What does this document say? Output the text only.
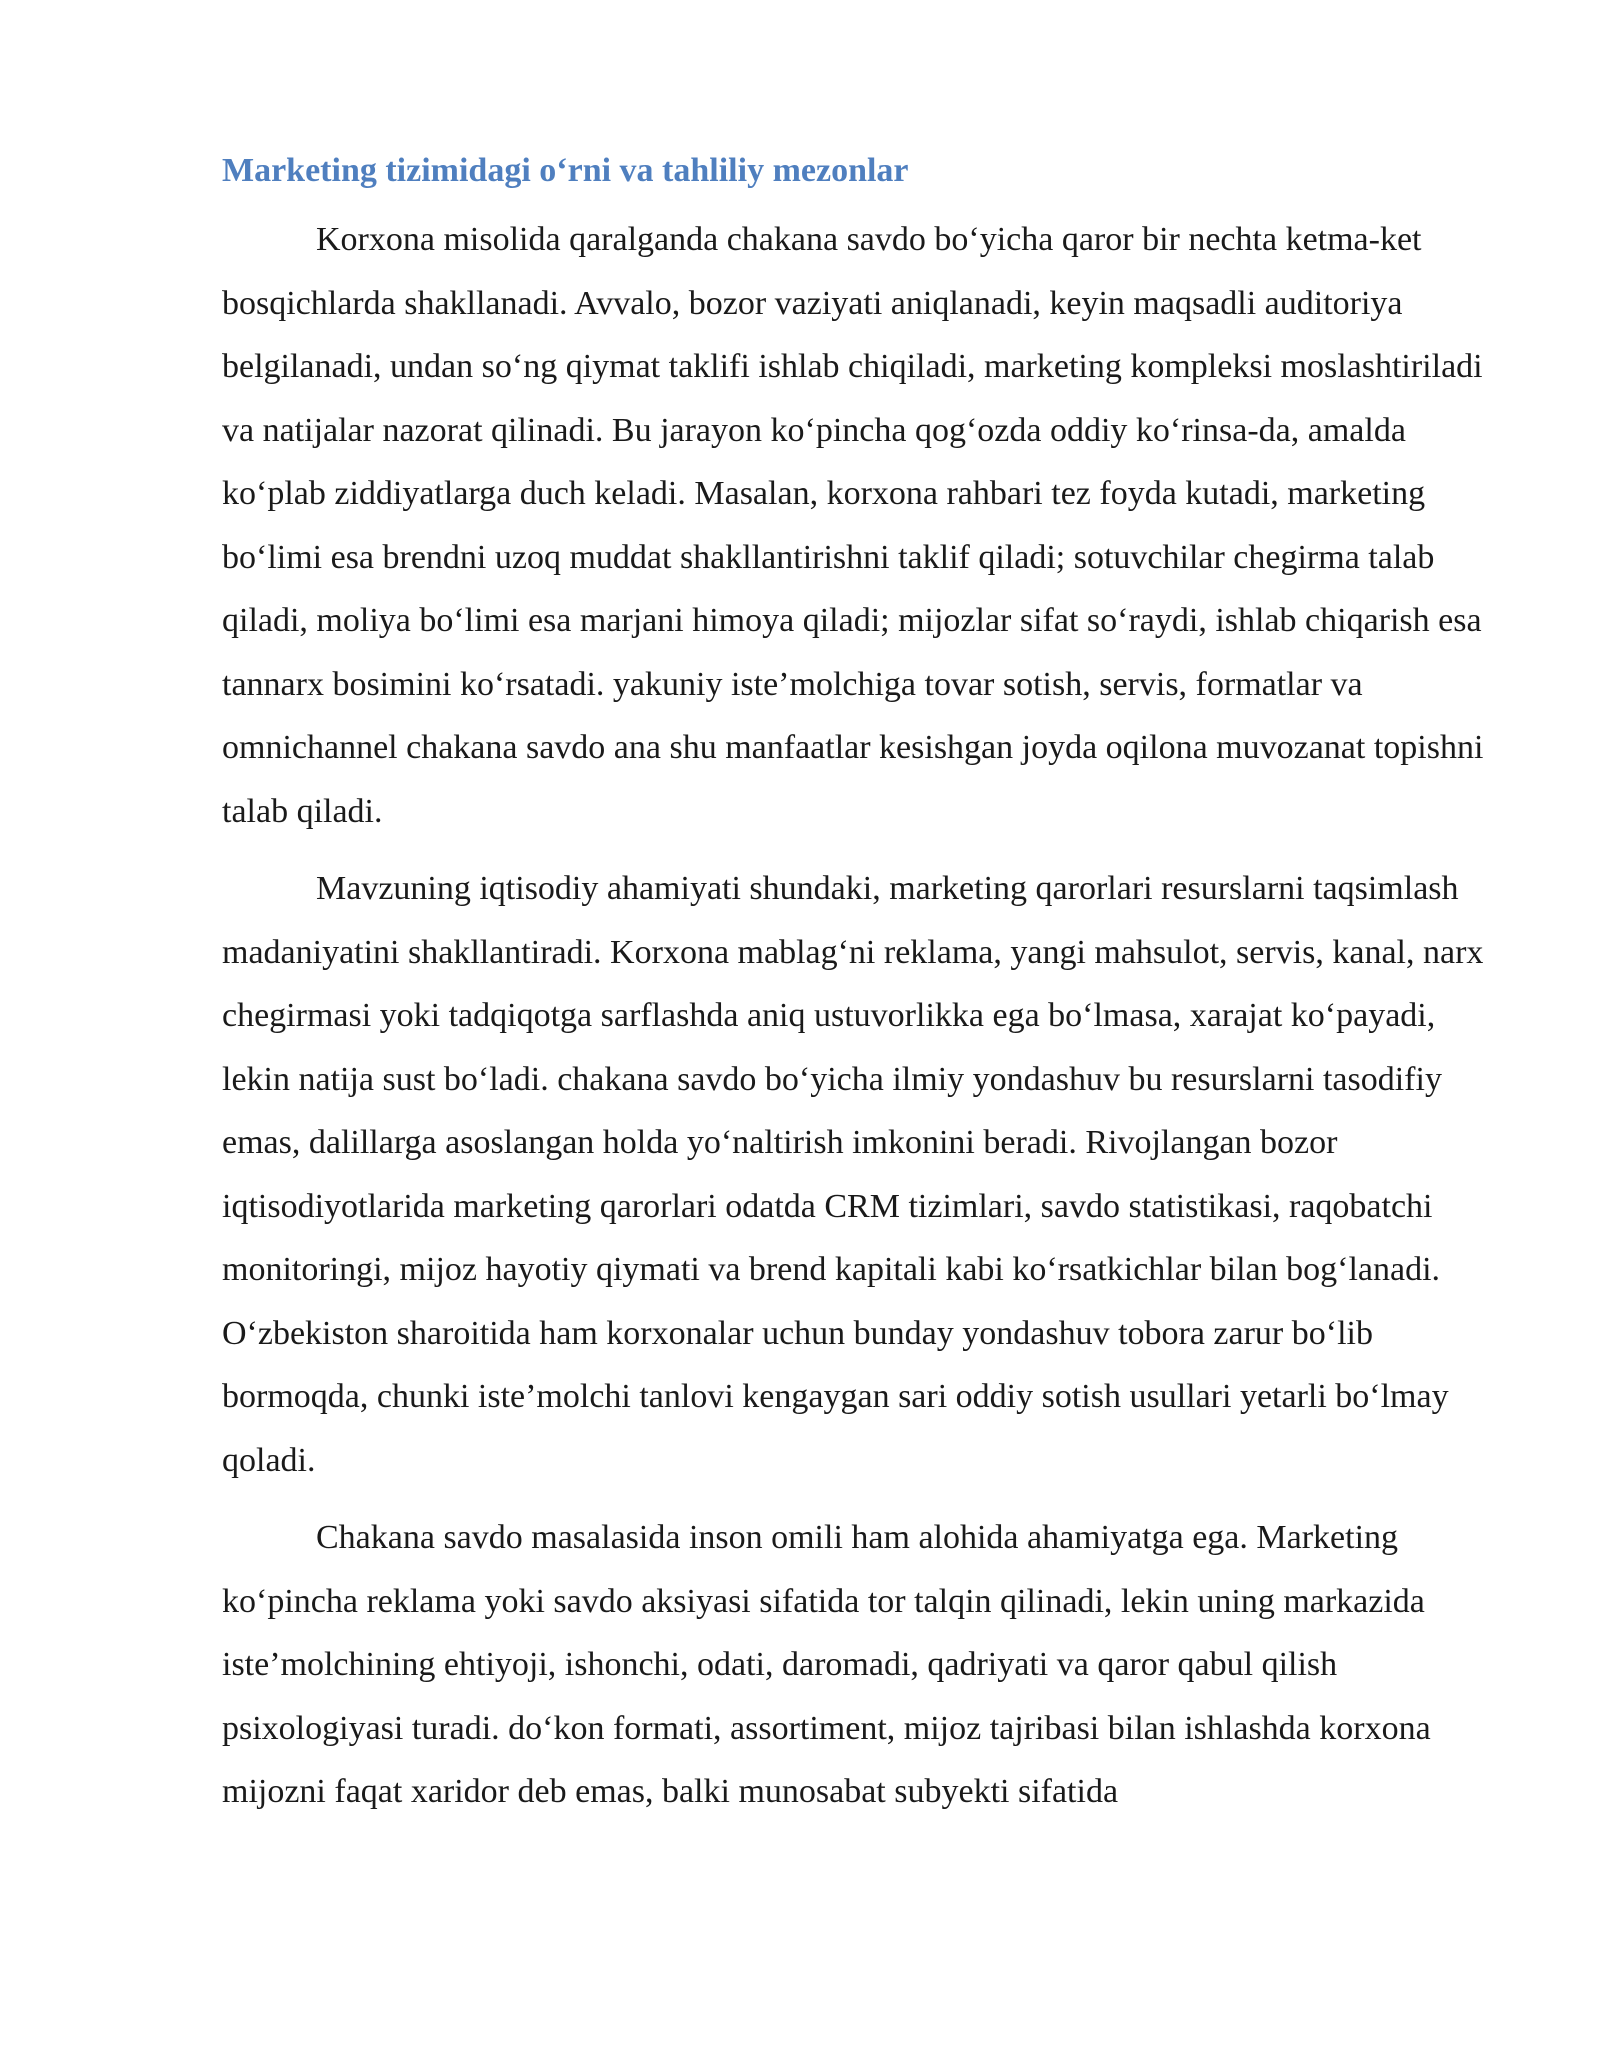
Marketing tizimidagi o‘rni va tahliliy mezonlar

Korxona misolida qaralganda chakana savdo bo‘yicha qaror bir nechta ketma-ket bosqichlarda shakllanadi. Avvalo, bozor vaziyati aniqlanadi, keyin maqsadli auditoriya belgilanadi, undan so‘ng qiymat taklifi ishlab chiqiladi, marketing kompleksi moslashtiriladi va natijalar nazorat qilinadi. Bu jarayon ko‘pincha qog‘ozda oddiy ko‘rinsa-da, amalda ko‘plab ziddiyatlarga duch keladi. Masalan, korxona rahbari tez foyda kutadi, marketing bo‘limi esa brendni uzoq muddat shakllantirishni taklif qiladi; sotuvchilar chegirma talab qiladi, moliya bo‘limi esa marjani himoya qiladi; mijozlar sifat so‘raydi, ishlab chiqarish esa tannarx bosimini ko‘rsatadi. yakuniy iste’molchiga tovar sotish, servis, formatlar va omnichannel chakana savdo ana shu manfaatlar kesishgan joyda oqilona muvozanat topishni talab qiladi.

Mavzuning iqtisodiy ahamiyati shundaki, marketing qarorlari resurslarni taqsimlash madaniyatini shakllantiradi. Korxona mablag‘ni reklama, yangi mahsulot, servis, kanal, narx chegirmasi yoki tadqiqotga sarflashda aniq ustuvorlikka ega bo‘lmasa, xarajat ko‘payadi, lekin natija sust bo‘ladi. chakana savdo bo‘yicha ilmiy yondashuv bu resurslarni tasodifiy emas, dalillarga asoslangan holda yo‘naltirish imkonini beradi. Rivojlangan bozor iqtisodiyotlarida marketing qarorlari odatda CRM tizimlari, savdo statistikasi, raqobatchi monitoringi, mijoz hayotiy qiymati va brend kapitali kabi ko‘rsatkichlar bilan bog‘lanadi. O‘zbekiston sharoitida ham korxonalar uchun bunday yondashuv tobora zarur bo‘lib bormoqda, chunki iste’molchi tanlovi kengaygan sari oddiy sotish usullari yetarli bo‘lmay qoladi.

Chakana savdo masalasida inson omili ham alohida ahamiyatga ega. Marketing ko‘pincha reklama yoki savdo aksiyasi sifatida tor talqin qilinadi, lekin uning markazida iste’molchining ehtiyoji, ishonchi, odati, daromadi, qadriyati va qaror qabul qilish psixologiyasi turadi. do‘kon formati, assortiment, mijoz tajribasi bilan ishlashda korxona mijozni faqat xaridor deb emas, balki munosabat subyekti sifatida
